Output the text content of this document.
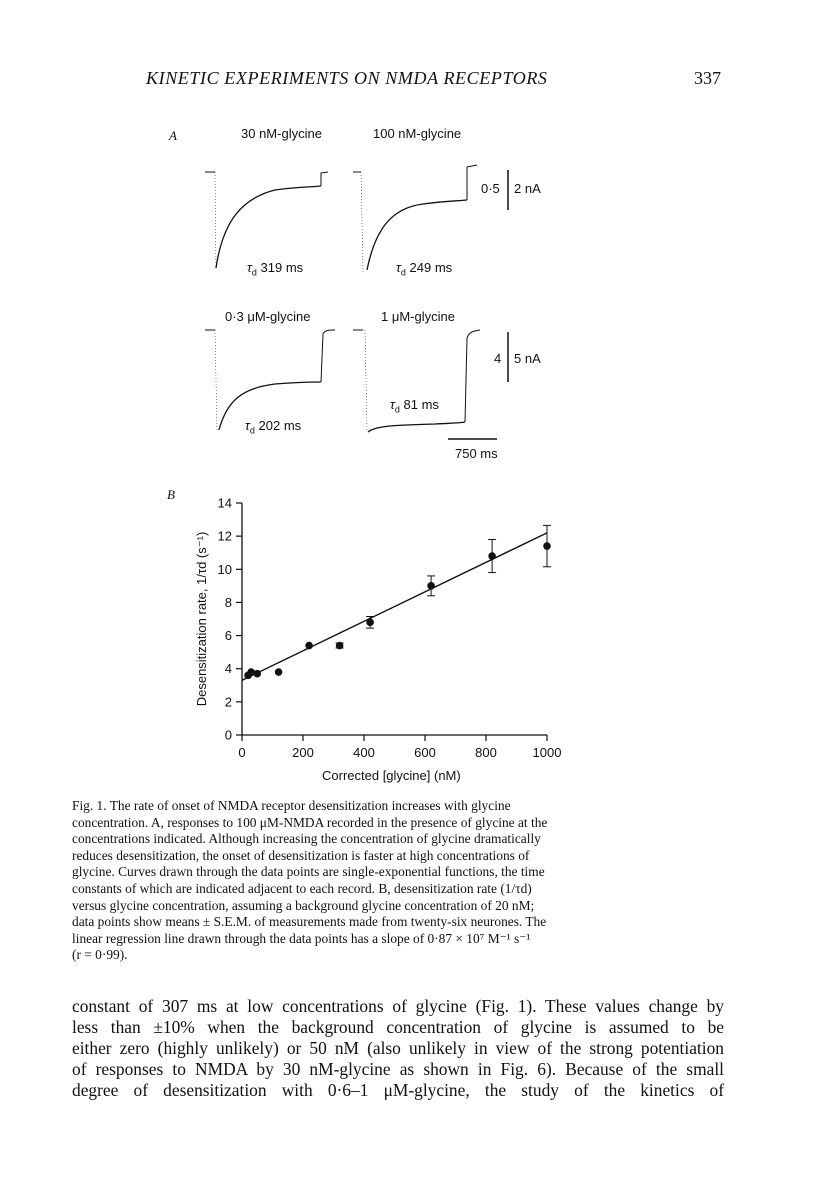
KINETIC EXPERIMENTS ON NMDA RECEPTORS	337
A	30 nM-glycine	100 nM-glycine
0·3 μM-glycine	1 μM-glycine
$\tau_d$ 319 ms	$\tau_d$ 249 ms
$\tau_d$ 202 ms
$\tau_d$ 81 ms
0·5 2 nA
4 5 nA
750 ms
B
0
2
4
6
8
10
12
14
0	200	400	600	800	1000
Desensitization rate, 1/τd (s⁻¹)
Corrected [glycine] (nM)
Fig. 1. The rate of onset of NMDA receptor desensitization increases with glycine
concentration. A, responses to 100 μM-NMDA recorded in the presence of glycine at the
concentrations indicated. Although increasing the concentration of glycine dramatically
reduces desensitization, the onset of desensitization is faster at high concentrations of
glycine. Curves drawn through the data points are single-exponential functions, the time
constants of which are indicated adjacent to each record. B, desensitization rate (1/τd)
versus glycine concentration, assuming a background glycine concentration of 20 nM;
data points show means ± S.E.M. of measurements made from twenty-six neurones. The
linear regression line drawn through the data points has a slope of 0·87 × 10⁷ M⁻¹ s⁻¹
(r = 0·99).

constant of 307 ms at low concentrations of glycine (Fig. 1). These values change by

less than ±10% when the background concentration of glycine is assumed to be

either zero (highly unlikely) or 50 nM (also unlikely in view of the strong potentiation

of responses to NMDA by 30 nM-glycine as shown in Fig. 6). Because of the small

degree of desensitization with 0·6–1 μM-glycine, the study of the kinetics of
